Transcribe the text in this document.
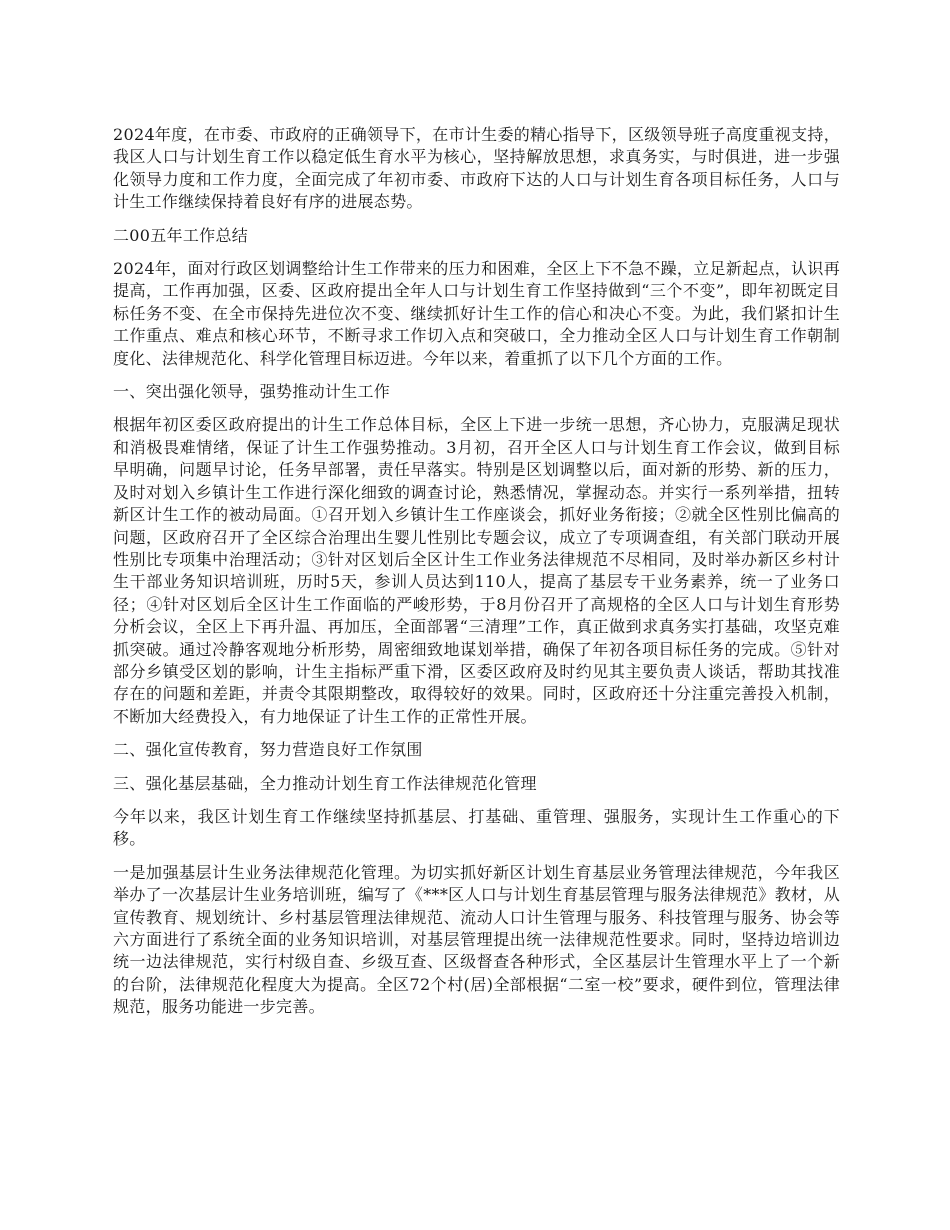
2024年度，在市委、市政府的正确领导下，在市计生委的精心指导下，区级领导班子高度重视支持，我区人口与计划生育工作以稳定低生育水平为核心，坚持解放思想，求真务实，与时俱进，进一步强化领导力度和工作力度，全面完成了年初市委、市政府下达的人口与计划生育各项目标任务，人口与计生工作继续保持着良好有序的进展态势。

二00五年工作总结

2024年，面对行政区划调整给计生工作带来的压力和困难，全区上下不急不躁，立足新起点，认识再提高，工作再加强，区委、区政府提出全年人口与计划生育工作坚持做到“三个不变”，即年初既定目标任务不变、在全市保持先进位次不变、继续抓好计生工作的信心和决心不变。为此，我们紧扣计生工作重点、难点和核心环节，不断寻求工作切入点和突破口，全力推动全区人口与计划生育工作朝制度化、法律规范化、科学化管理目标迈进。今年以来，着重抓了以下几个方面的工作。

一、突出强化领导，强势推动计生工作

根据年初区委区政府提出的计生工作总体目标，全区上下进一步统一思想，齐心协力，克服满足现状和消极畏难情绪，保证了计生工作强势推动。3月初，召开全区人口与计划生育工作会议，做到目标早明确，问题早讨论，任务早部署，责任早落实。特别是区划调整以后，面对新的形势、新的压力，及时对划入乡镇计生工作进行深化细致的调查讨论，熟悉情况，掌握动态。并实行一系列举措，扭转新区计生工作的被动局面。①召开划入乡镇计生工作座谈会，抓好业务衔接；②就全区性别比偏高的问题，区政府召开了全区综合治理出生婴儿性别比专题会议，成立了专项调查组，有关部门联动开展性别比专项集中治理活动；③针对区划后全区计生工作业务法律规范不尽相同，及时举办新区乡村计生干部业务知识培训班，历时5天，参训人员达到110人，提高了基层专干业务素养，统一了业务口径；④针对区划后全区计生工作面临的严峻形势，于8月份召开了高规格的全区人口与计划生育形势分析会议，全区上下再升温、再加压，全面部署“三清理”工作，真正做到求真务实打基础，攻坚克难抓突破。通过冷静客观地分析形势，周密细致地谋划举措，确保了年初各项目标任务的完成。⑤针对部分乡镇受区划的影响，计生主指标严重下滑，区委区政府及时约见其主要负责人谈话，帮助其找准存在的问题和差距，并责令其限期整改，取得较好的效果。同时，区政府还十分注重完善投入机制，不断加大经费投入，有力地保证了计生工作的正常性开展。

二、强化宣传教育，努力营造良好工作氛围

三、强化基层基础，全力推动计划生育工作法律规范化管理

今年以来，我区计划生育工作继续坚持抓基层、打基础、重管理、强服务，实现计生工作重心的下移。

一是加强基层计生业务法律规范化管理。为切实抓好新区计划生育基层业务管理法律规范，今年我区举办了一次基层计生业务培训班，编写了《***区人口与计划生育基层管理与服务法律规范》教材，从宣传教育、规划统计、乡村基层管理法律规范、流动人口计生管理与服务、科技管理与服务、协会等六方面进行了系统全面的业务知识培训，对基层管理提出统一法律规范性要求。同时，坚持边培训边统一边法律规范，实行村级自查、乡级互查、区级督查各种形式，全区基层计生管理水平上了一个新的台阶，法律规范化程度大为提高。全区72个村(居)全部根据“二室一校”要求，硬件到位，管理法律规范，服务功能进一步完善。
